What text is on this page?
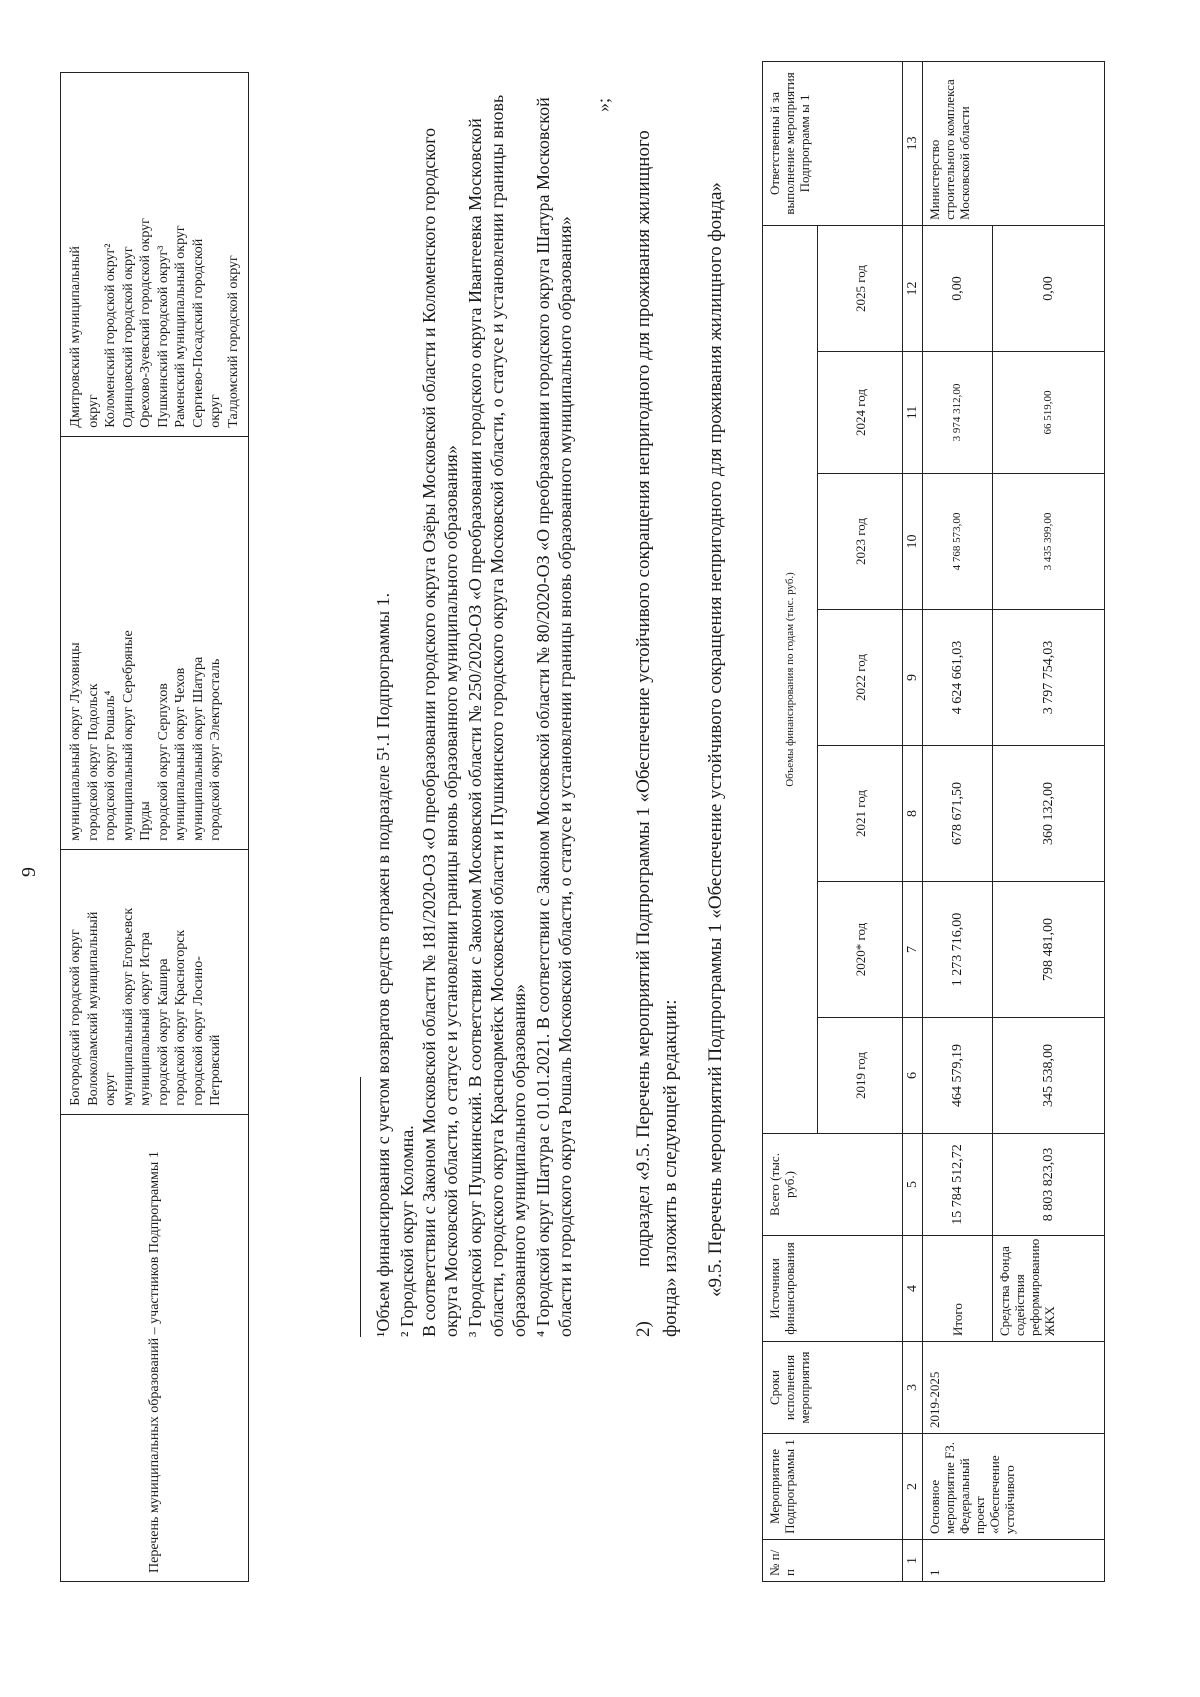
9
Перечень муниципальных образований – участников Подпрограммы 1	
Богородский городской округ Волоколамский муниципальный округ муниципальный округ Егорьевск муниципальный округ Истра городской округ Кашира городской округ Красногорск городской округ Лосино- Петровский

муниципальный округ Луховицы городской округ Подольск городской округ Рошаль⁴ муниципальный округ Серебряные Пруды городской округ Серпухов муниципальный округ Чехов муниципальный округ Шатура городской округ Электросталь

Дмитровский муниципальный округ Коломенский городской округ² Одинцовский городской округ Орехово-Зуевский городской округ Пушкинский городской округ³ Раменский муниципальный округ Сергиево-Посадский городской округ Талдомский городской округ
¹Объем финансирования с учетом возвратов средств отражен в подразделе 5¹.1 Подпрограммы 1. ² Городской округ Коломна. В соответствии с Законом Московской области № 181/2020-ОЗ «О преобразовании городского округа Озёры Московской области и Коломенского городского округа Московской области, о статусе и установлении границы вновь образованного муниципального образования» ³ Городской округ Пушкинский. В соответствии с Законом Московской области № 250/2020-ОЗ «О преобразовании городского округа Ивантеевка Московской области, городского округа Красноармейск Московской области и Пушкинского городского округа Московской области, о статусе и установлении границы вновь образованного муниципального образования» ⁴ Городской округ Шатура с 01.01.2021. В соответствии с Законом Московской области № 80/2020-ОЗ «О преобразовании городского округа Шатура Московской области и городского округа Рошаль Московской области, о статусе и установлении границы вновь образованного муниципального образования»
»;
2)подраздел «9.5. Перечень мероприятий Подпрограммы 1 «Обеспечение устойчивого сокращения непригодного для проживания жилищного фонда» изложить в следующей редакции: «9.5. Перечень мероприятий Подпрограммы 1 «Обеспечение устойчивого сокращения непригодного для проживания жилищного фонда»
№ п/п	Мероприятие Подпрограммы 1	Сроки исполнения мероприятия	Источники финансирования	Всего (тыс. руб.)	Объемы финансирования по годам (тыс. руб.)							Ответственны й за выполнение мероприятия Подпрограмм ы 1
					2019 год	2020* год	2021 год	2022 год	2023 год	2024 год	2025 год	
1	2	3	4	5	6	7	8	9	10	11	12	13
1	Основное мероприятие F3. Федеральный проект «Обеспечение устойчивого	2019-2025	Итого	15 784 512,72	464 579,19	1 273 716,00	678 671,50	4 624 661,03	4 768 573,00	3 974 312,00	0,00	Министерство строительного комплекса Московской области
			Средства Фонда содействия реформированию ЖКХ	8 803 823,03	345 538,00	798 481,00	360 132,00	3 797 754,03	3 435 399,00	66 519,00	0,00	
